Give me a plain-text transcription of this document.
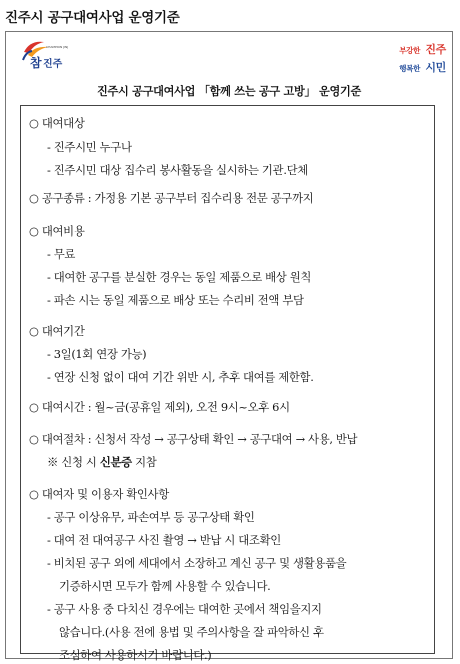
진주시 공구대여사업 운영기준
참 진주
CHAMPION JINJU	부강한 진주
행복한 시민
진주시 공구대여사업 「함께 쓰는 공구 고방」 운영기준
○ 대여대상
- 진주시민 누구나
- 진주시민 대상 집수리 봉사활동을 실시하는 기관․단체
○ 공구종류 : 가정용 기본 공구부터 집수리용 전문 공구까지
○ 대여비용
- 무료
- 대여한 공구를 분실한 경우는 동일 제품으로 배상 원칙
- 파손 시는 동일 제품으로 배상 또는 수리비 전액 부담
○ 대여기간
- 3일(1회 연장 가능)
- 연장 신청 없이 대여 기간 위반 시, 추후 대여를 제한함.
○ 대여시간 : 월~금(공휴일 제외), 오전 9시~오후 6시
○ 대여절차 : 신청서 작성 → 공구상태 확인 → 공구대여 → 사용, 반납
※ 신청 시 신분증 지참
○ 대여자 및 이용자 확인사항
- 공구 이상유무, 파손여부 등 공구상태 확인
- 대여 전 대여공구 사진 촬영 → 반납 시 대조확인
- 비치된 공구 외에 세대에서 소장하고 계신 공구 및 생활용품을
기증하시면 모두가 함께 사용할 수 있습니다.
- 공구 사용 중 다치신 경우에는 대여한 곳에서 책임을지지
않습니다.(사용 전에 용법 및 주의사항을 잘 파악하신 후
조심하여 사용하시기 바랍니다.)
